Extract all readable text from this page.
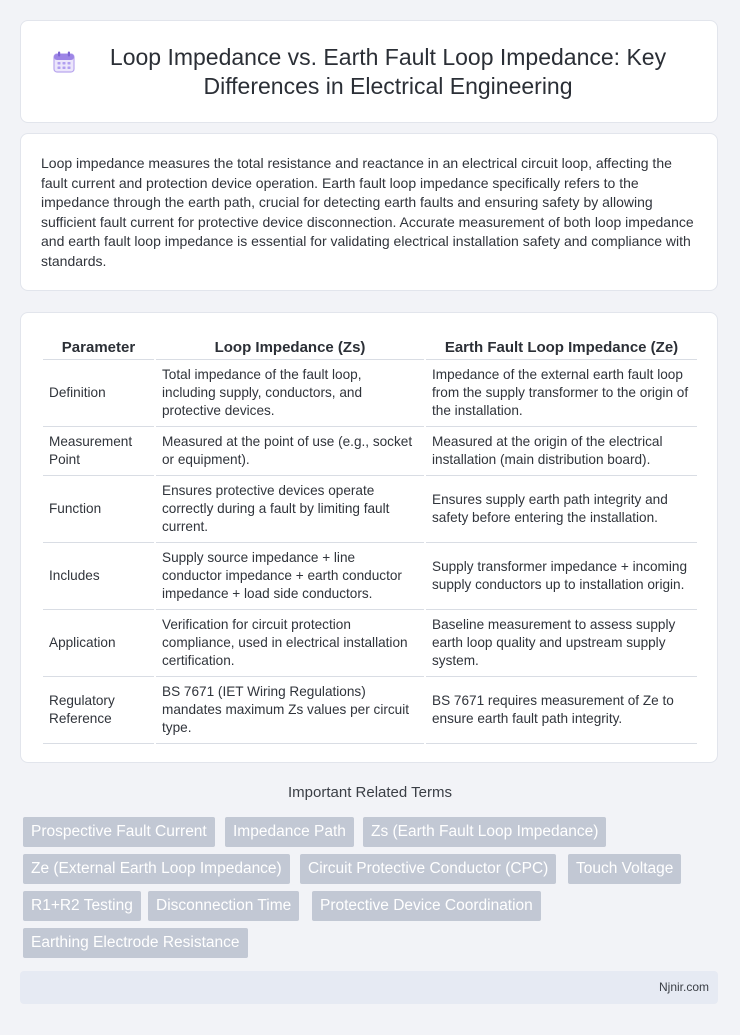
Loop Impedance vs. Earth Fault Loop Impedance: Key Differences in Electrical Engineering

Loop impedance measures the total resistance and reactance in an electrical circuit loop, affecting the fault current and protection device operation. Earth fault loop impedance specifically refers to the impedance through the earth path, crucial for detecting earth faults and ensuring safety by allowing sufficient fault current for protective device disconnection. Accurate measurement of both loop impedance and earth fault loop impedance is essential for validating electrical installation safety and compliance with standards.

Parameter	Loop Impedance (Zs)	Earth Fault Loop Impedance (Ze)
Definition	Total impedance of the fault loop, including supply, conductors, and protective devices.	Impedance of the external earth fault loop from the supply transformer to the origin of the installation.
Measurement Point	Measured at the point of use (e.g., socket or equipment).	Measured at the origin of the electrical installation (main distribution board).
Function	Ensures protective devices operate correctly during a fault by limiting fault current.	Ensures supply earth path integrity and safety before entering the installation.
Includes	Supply source impedance + line conductor impedance + earth conductor impedance + load side conductors.	Supply transformer impedance + incoming supply conductors up to installation origin.
Application	Verification for circuit protection compliance, used in electrical installation certification.	Baseline measurement to assess supply earth loop quality and upstream supply system.
Regulatory Reference	BS 7671 (IET Wiring Regulations) mandates maximum Zs values per circuit type.	BS 7671 requires measurement of Ze to ensure earth fault path integrity.
Important Related Terms
Prospective Fault Current	Impedance Path	Zs (Earth Fault Loop Impedance)
Ze (External Earth Loop Impedance)	Circuit Protective Conductor (CPC)	Touch Voltage
R1+R2 Testing	Disconnection Time	Protective Device Coordination
Earthing Electrode Resistance
Njnir.com
